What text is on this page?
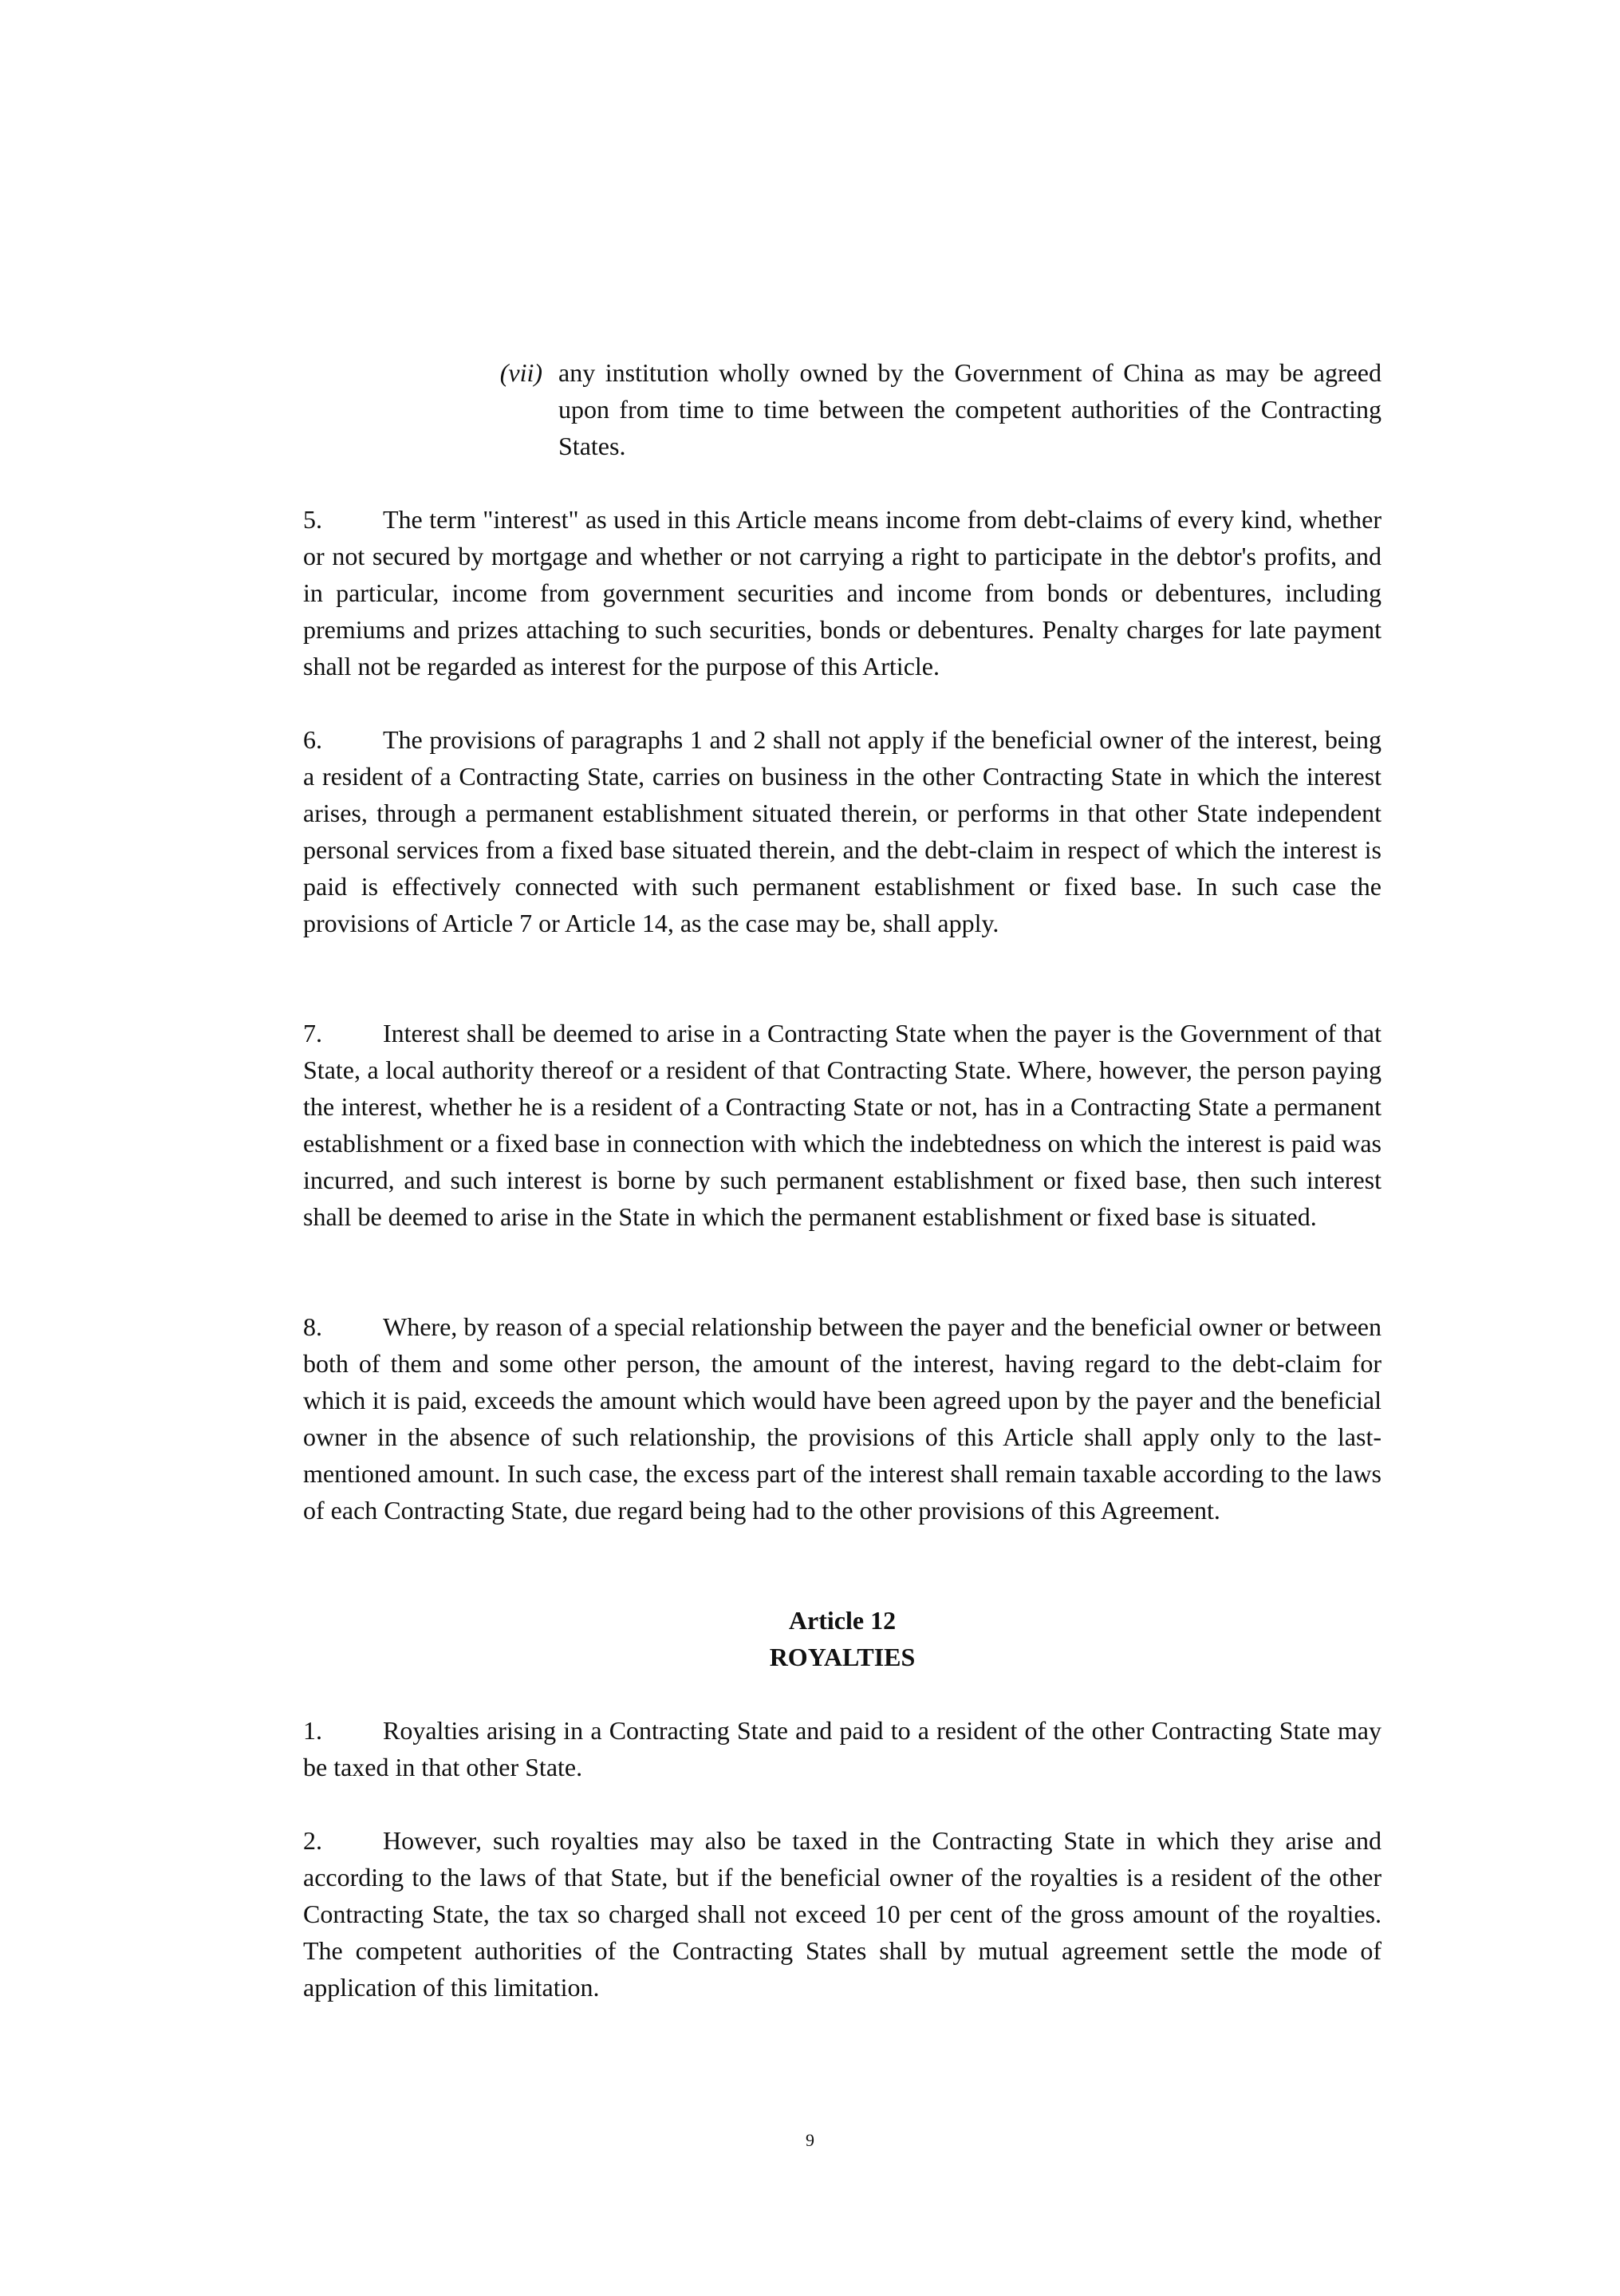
(vii) any institution wholly owned by the Government of China as may be agreed upon from time to time between the competent authorities of the Contracting States.

5. The term "interest" as used in this Article means income from debt-claims of every kind, whether or not secured by mortgage and whether or not carrying a right to participate in the debtor's profits, and in particular, income from government securities and income from bonds or debentures, including premiums and prizes attaching to such securities, bonds or debentures. Penalty charges for late payment shall not be regarded as interest for the purpose of this Article.

6. The provisions of paragraphs 1 and 2 shall not apply if the beneficial owner of the interest, being a resident of a Contracting State, carries on business in the other Contracting State in which the interest arises, through a permanent establishment situated therein, or performs in that other State independent personal services from a fixed base situated therein, and the debt-claim in respect of which the interest is paid is effectively connected with such permanent establishment or fixed base. In such case the provisions of Article 7 or Article 14, as the case may be, shall apply.

7. Interest shall be deemed to arise in a Contracting State when the payer is the Government of that State, a local authority thereof or a resident of that Contracting State. Where, however, the person paying the interest, whether he is a resident of a Contracting State or not, has in a Contracting State a permanent establishment or a fixed base in connection with which the indebtedness on which the interest is paid was incurred, and such interest is borne by such permanent establishment or fixed base, then such interest shall be deemed to arise in the State in which the permanent establishment or fixed base is situated.

8. Where, by reason of a special relationship between the payer and the beneficial owner or between both of them and some other person, the amount of the interest, having regard to the debt-claim for which it is paid, exceeds the amount which would have been agreed upon by the payer and the beneficial owner in the absence of such relationship, the provisions of this Article shall apply only to the last-mentioned amount. In such case, the excess part of the interest shall remain taxable according to the laws of each Contracting State, due regard being had to the other provisions of this Agreement.

Article 12
ROYALTIES

1. Royalties arising in a Contracting State and paid to a resident of the other Contracting State may be taxed in that other State.

2. However, such royalties may also be taxed in the Contracting State in which they arise and according to the laws of that State, but if the beneficial owner of the royalties is a resident of the other Contracting State, the tax so charged shall not exceed 10 per cent of the gross amount of the royalties. The competent authorities of the Contracting States shall by mutual agreement settle the mode of application of this limitation.

9
